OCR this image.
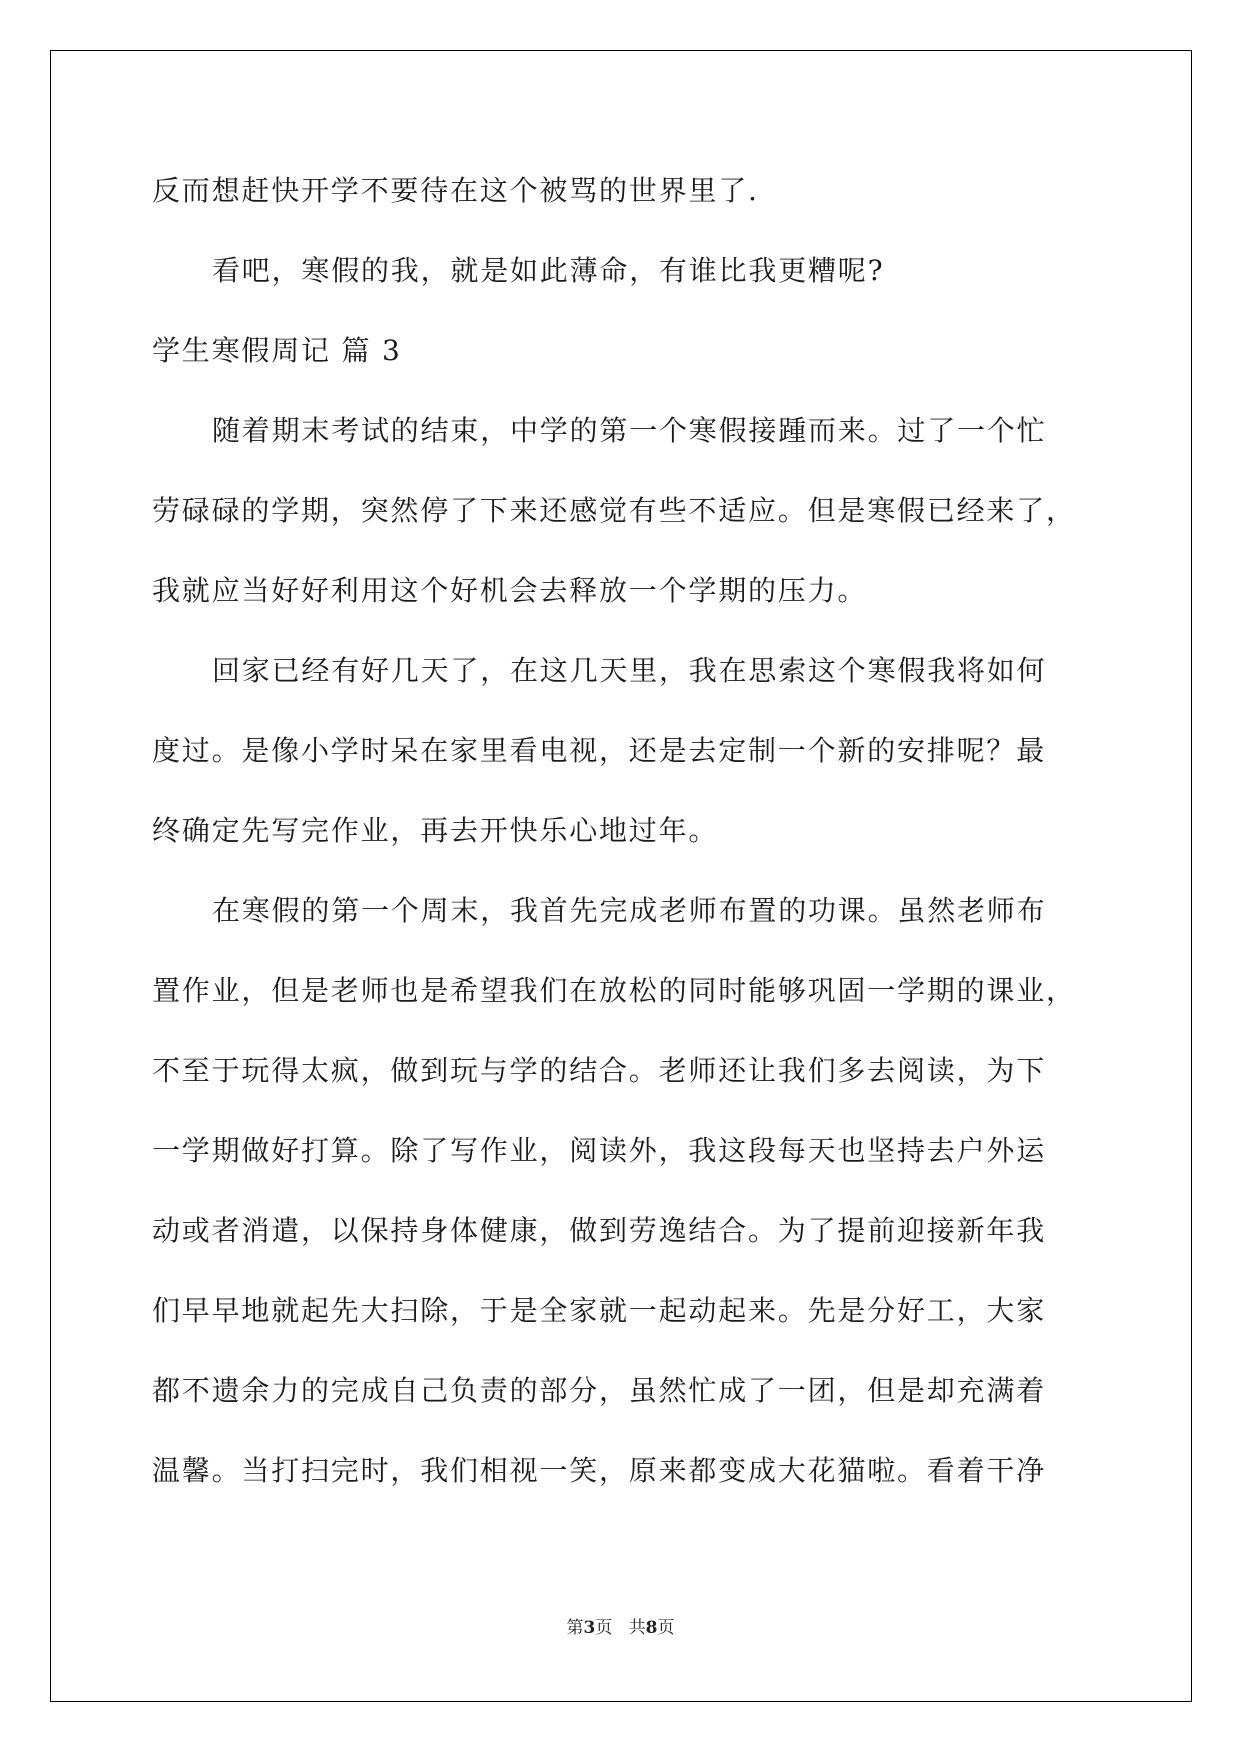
反而想赶快开学不要待在这个被骂的世界里了.
看吧，寒假的我，就是如此薄命，有谁比我更糟呢?
学生寒假周记 篇 3
随着期末考试的结束，中学的第一个寒假接踵而来。过了一个忙
劳碌碌的学期，突然停了下来还感觉有些不适应。但是寒假已经来了，
我就应当好好利用这个好机会去释放一个学期的压力。
回家已经有好几天了，在这几天里，我在思索这个寒假我将如何
度过。是像小学时呆在家里看电视，还是去定制一个新的安排呢？最
终确定先写完作业，再去开快乐心地过年。
在寒假的第一个周末，我首先完成老师布置的功课。虽然老师布
置作业，但是老师也是希望我们在放松的同时能够巩固一学期的课业，
不至于玩得太疯，做到玩与学的结合。老师还让我们多去阅读，为下
一学期做好打算。除了写作业，阅读外，我这段每天也坚持去户外运
动或者消遣，以保持身体健康，做到劳逸结合。为了提前迎接新年我
们早早地就起先大扫除，于是全家就一起动起来。先是分好工，大家
都不遗余力的完成自己负责的部分，虽然忙成了一团，但是却充满着
温馨。当打扫完时，我们相视一笑，原来都变成大花猫啦。看着干净
第3页   共8页
